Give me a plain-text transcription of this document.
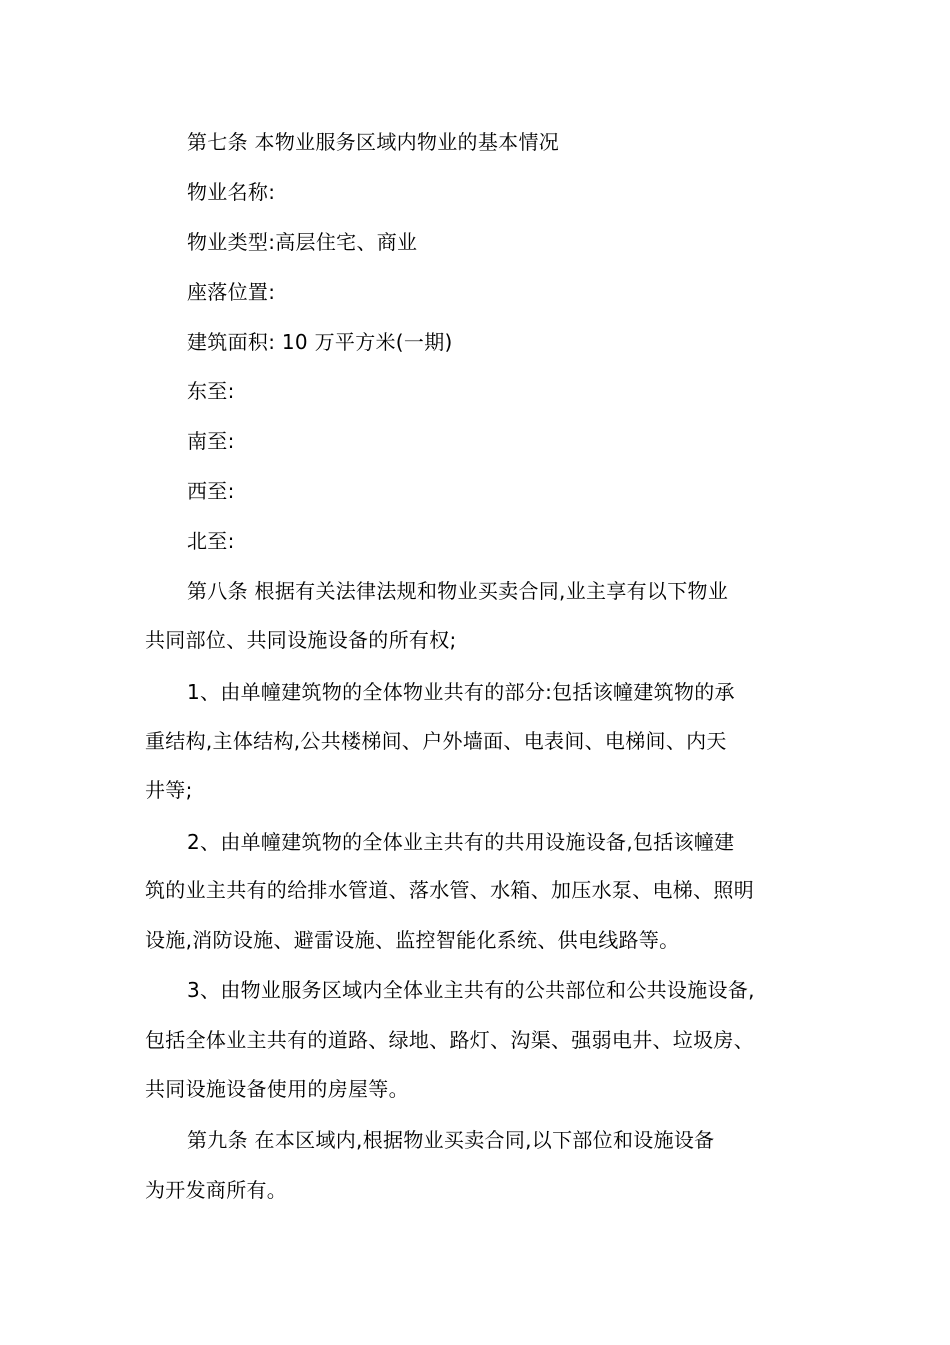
第七条 本物业服务区域内物业的基本情况
物业名称:
物业类型:高层住宅、商业
座落位置:
建筑面积: 10 万平方米(一期)
东至:
南至:
西至:
北至:
第八条 根据有关法律法规和物业买卖合同,业主享有以下物业
共同部位、共同设施设备的所有权;
1、由单幢建筑物的全体物业共有的部分:包括该幢建筑物的承
重结构,主体结构,公共楼梯间、户外墙面、电表间、电梯间、内天
井等;
2、由单幢建筑物的全体业主共有的共用设施设备,包括该幢建
筑的业主共有的给排水管道、落水管、水箱、加压水泵、电梯、照明
设施,消防设施、避雷设施、监控智能化系统、供电线路等。
3、由物业服务区域内全体业主共有的公共部位和公共设施设备,
包括全体业主共有的道路、绿地、路灯、沟渠、强弱电井、垃圾房、
共同设施设备使用的房屋等。
第九条 在本区域内,根据物业买卖合同,以下部位和设施设备
为开发商所有。
